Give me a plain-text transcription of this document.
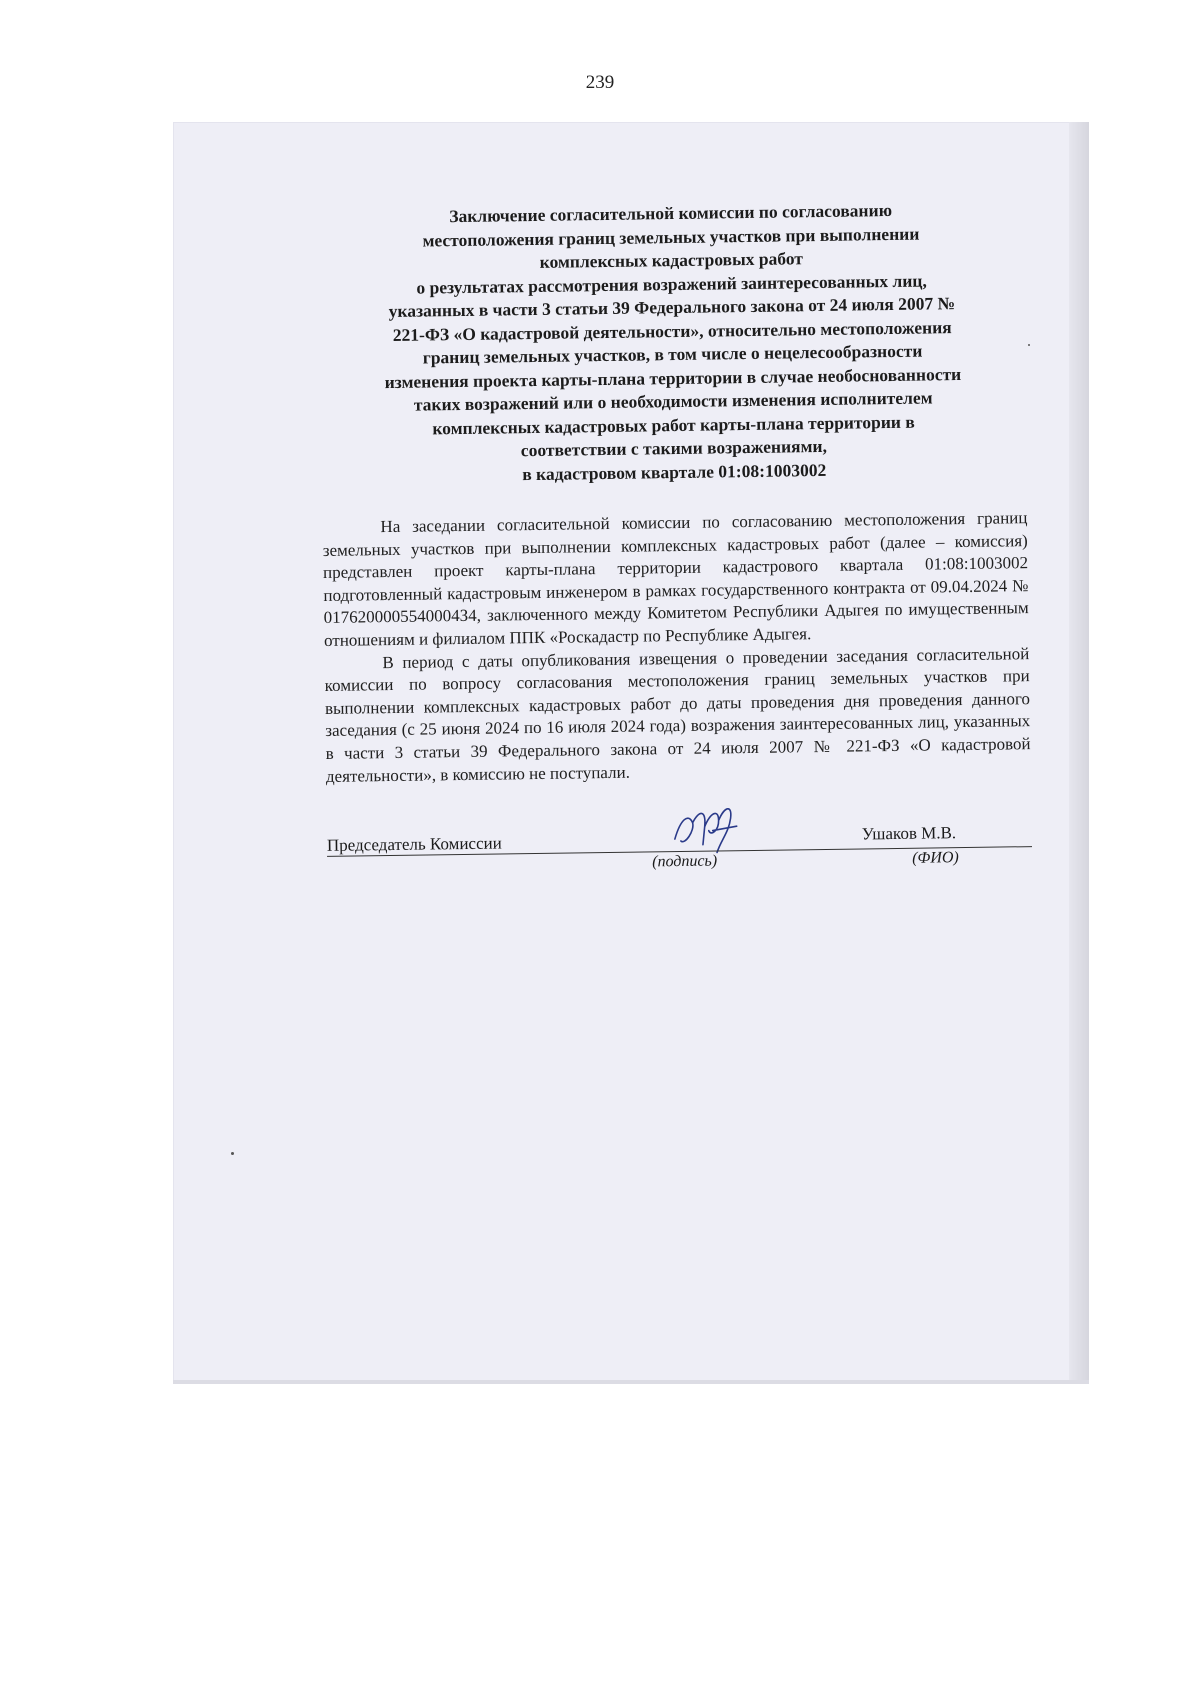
239
Заключение согласительной комиссии по согласованию
местоположения границ земельных участков при выполнении
комплексных кадастровых работ
о результатах рассмотрения возражений заинтересованных лиц,
указанных в части 3 статьи 39 Федерального закона от 24 июля 2007 №
221-ФЗ «О кадастровой деятельности», относительно местоположения
границ земельных участков, в том числе о нецелесообразности
изменения проекта карты-плана территории в случае необоснованности
таких возражений или о необходимости изменения исполнителем
комплексных кадастровых работ карты-плана территории в
соответствии с такими возражениями,
в кадастровом квартале 01:08:1003002

На заседании согласительной комиссии по согласованию местоположения границ земельных участков при выполнении комплексных кадастровых работ (далее – комиссия) представлен проект карты-плана территории кадастрового квартала 01:08:1003002 подготовленный кадастровым инженером в рамках государственного контракта от 09.04.2024 № 0176200005540004З4, заключенного между Комитетом Республики Адыгея по имущественным отношениям и филиалом ППК «Роскадастр по Республике Адыгея.

В период с даты опубликования извещения о проведении заседания согласительной комиссии по вопросу согласования местоположения границ земельных участков при выполнении комплексных кадастровых работ до даты проведения дня проведения данного заседания (с 25 июня 2024 по 16 июля 2024 года) возражения заинтересованных лиц, указанных в части 3 статьи 39 Федерального закона от 24 июля 2007 № 221-ФЗ «О кадастровой деятельности», в комиссию не поступали.

Председатель Комиссии
Ушаков М.В.
(подпись)	(ФИО)
